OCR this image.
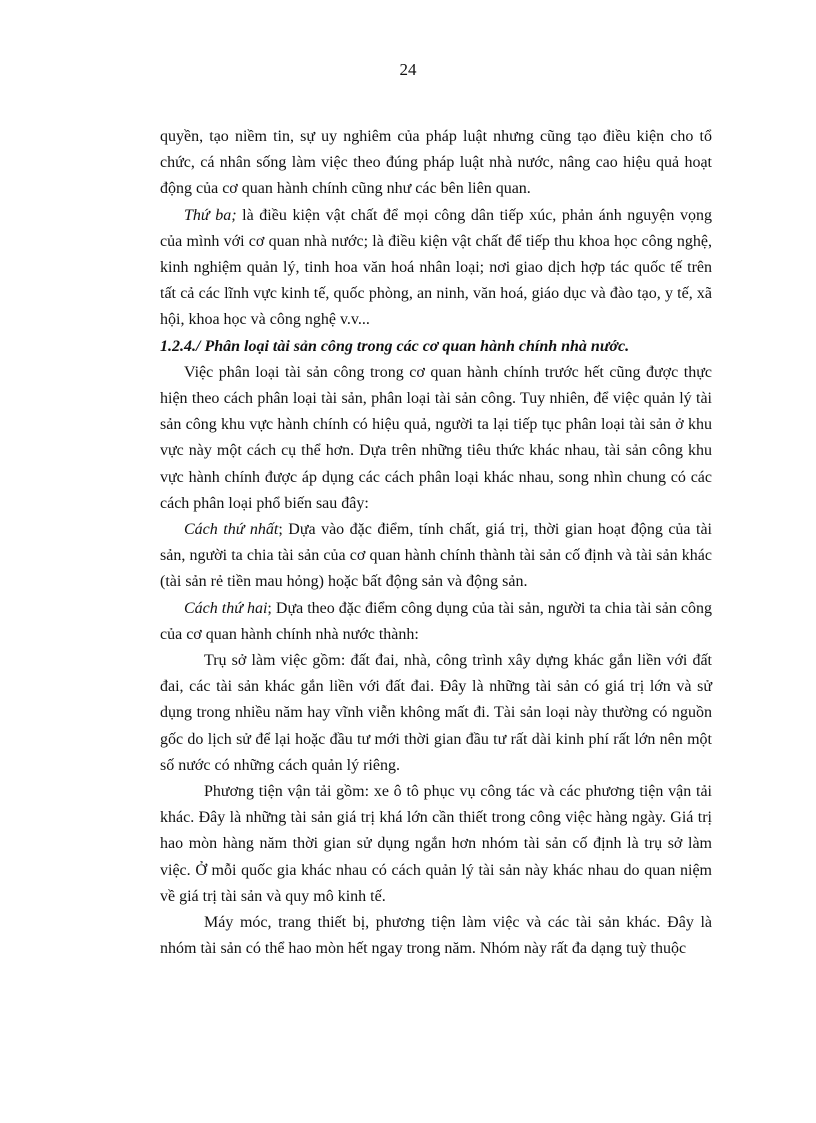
24

quyền, tạo niềm tin, sự uy nghiêm của pháp luật nhưng cũng tạo điều kiện cho tổ chức, cá nhân sống làm việc theo đúng pháp luật nhà nước, nâng cao hiệu quả hoạt động của cơ quan hành chính cũng như các bên liên quan.

Thứ ba; là điều kiện vật chất để mọi công dân tiếp xúc, phản ánh nguyện vọng của mình với cơ quan nhà nước; là điều kiện vật chất để tiếp thu khoa học công nghệ, kinh nghiệm quản lý, tinh hoa văn hoá nhân loại; nơi giao dịch hợp tác quốc tế trên tất cả các lĩnh vực kinh tế, quốc phòng, an ninh, văn hoá, giáo dục và đào tạo, y tế, xã hội, khoa học và công nghệ v.v...

1.2.4./ Phân loại tài sản công trong các cơ quan hành chính nhà nước.

Việc phân loại tài sản công trong cơ quan hành chính trước hết cũng được thực hiện theo cách phân loại tài sản, phân loại tài sản công. Tuy nhiên, để việc quản lý tài sản công khu vực hành chính có hiệu quả, người ta lại tiếp tục phân loại tài sản ở khu vực này một cách cụ thể hơn. Dựa trên những tiêu thức khác nhau, tài sản công khu vực hành chính được áp dụng các cách phân loại khác nhau, song nhìn chung có các cách phân loại phổ biến sau đây:

Cách thứ nhất; Dựa vào đặc điểm, tính chất, giá trị, thời gian hoạt động của tài sản, người ta chia tài sản của cơ quan hành chính thành tài sản cố định và tài sản khác (tài sản rẻ tiền mau hỏng) hoặc bất động sản và động sản.

Cách thứ hai; Dựa theo đặc điểm công dụng của tài sản, người ta chia tài sản công của cơ quan hành chính nhà nước thành:

Trụ sở làm việc gồm: đất đai, nhà, công trình xây dựng khác gắn liền với đất đai, các tài sản khác gắn liền với đất đai. Đây là những tài sản có giá trị lớn và sử dụng trong nhiều năm hay vĩnh viễn không mất đi. Tài sản loại này thường có nguồn gốc do lịch sử để lại hoặc đầu tư mới thời gian đầu tư rất dài kinh phí rất lớn nên một số nước có những cách quản lý riêng.

Phương tiện vận tải gồm: xe ô tô phục vụ công tác và các phương tiện vận tải khác. Đây là những tài sản giá trị khá lớn cần thiết trong công việc hàng ngày. Giá trị hao mòn hàng năm thời gian sử dụng ngắn hơn nhóm tài sản cố định là trụ sở làm việc. Ở mỗi quốc gia khác nhau có cách quản lý tài sản này khác nhau do quan niệm về giá trị tài sản và quy mô kinh tế.

Máy móc, trang thiết bị, phương tiện làm việc và các tài sản khác. Đây là nhóm tài sản có thể hao mòn hết ngay trong năm. Nhóm này rất đa dạng tuỳ thuộc
